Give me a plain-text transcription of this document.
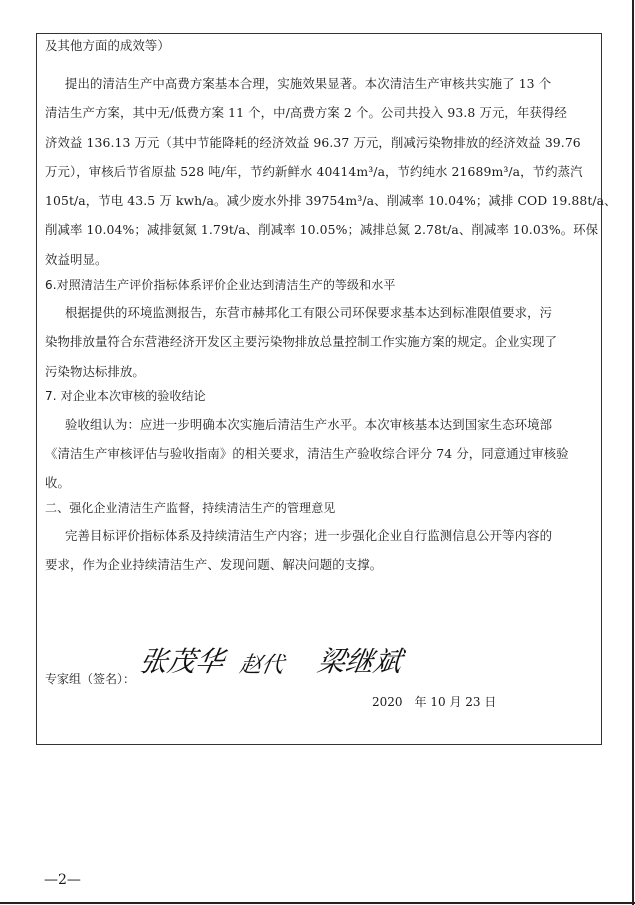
及其他方面的成效等）
提出的清洁生产中高费方案基本合理，实施效果显著。本次清洁生产审核共实施了 13 个
清洁生产方案，其中无/低费方案 11 个，中/高费方案 2 个。公司共投入 93.8 万元，年获得经
济效益 136.13 万元（其中节能降耗的经济效益 96.37 万元，削减污染物排放的经济效益 39.76
万元），审核后节省原盐 528 吨/年，节约新鲜水 40414m³/a，节约纯水 21689m³/a，节约蒸汽
105t/a，节电 43.5 万 kwh/a。减少废水外排 39754m³/a、削减率 10.04%；减排 COD 19.88t/a、
削减率 10.04%；减排氨氮 1.79t/a、削减率 10.05%；减排总氮 2.78t/a、削减率 10.03%。环保
效益明显。
6.对照清洁生产评价指标体系评价企业达到清洁生产的等级和水平
根据提供的环境监测报告，东营市赫邦化工有限公司环保要求基本达到标准限值要求，污
染物排放量符合东营港经济开发区主要污染物排放总量控制工作实施方案的规定。企业实现了
污染物达标排放。
7. 对企业本次审核的验收结论
验收组认为：应进一步明确本次实施后清洁生产水平。本次审核基本达到国家生态环境部
《清洁生产审核评估与验收指南》的相关要求，清洁生产验收综合评分 74 分，同意通过审核验
收。
二、强化企业清洁生产监督，持续清洁生产的管理意见
完善目标评价指标体系及持续清洁生产内容；进一步强化企业自行监测信息公开等内容的
要求，作为企业持续清洁生产、发现问题、解决问题的支撑。
专家组（签名）：
张茂华 赵代 梁继斌
2020　年 10 月 23 日
—2—
